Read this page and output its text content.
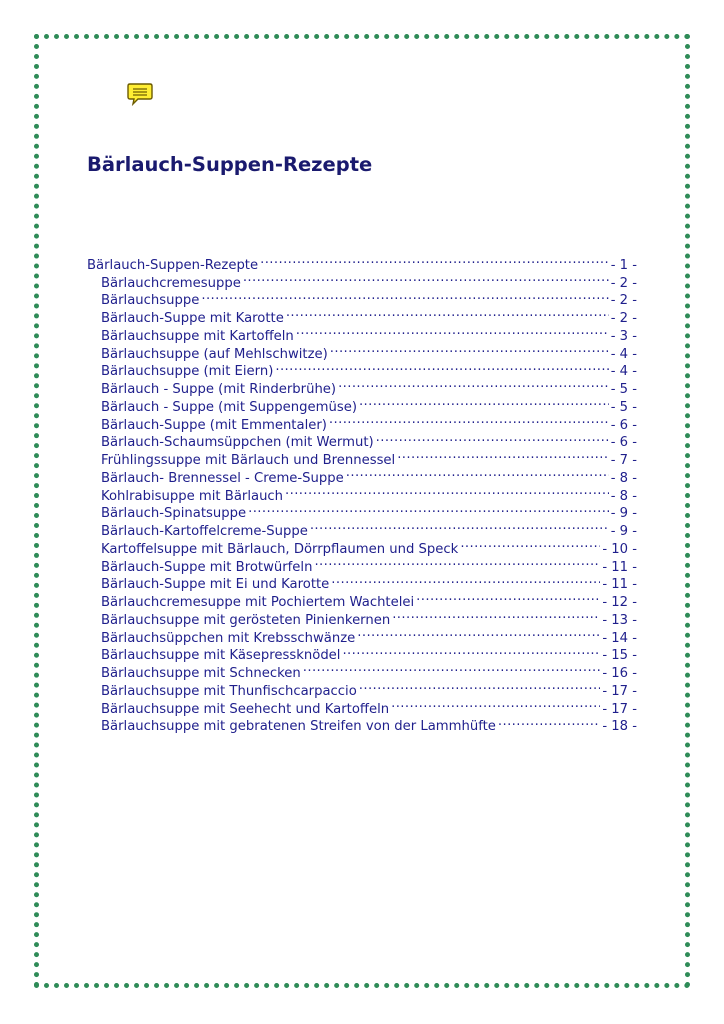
Bärlauch-Suppen-Rezepte
Bärlauch-Suppen-Rezepte .....	- 1 -
Bärlauchcremesuppe .....	- 2 -
Bärlauchsuppe .....	- 2 -
Bärlauch-Suppe mit Karotte .....	- 2 -
Bärlauchsuppe mit Kartoffeln .....	- 3 -
Bärlauchsuppe (auf Mehlschwitze) .....	- 4 -
Bärlauchsuppe (mit Eiern) .....	- 4 -
Bärlauch - Suppe (mit Rinderbrühe) .....	- 5 -
Bärlauch - Suppe (mit Suppengemüse) .....	- 5 -
Bärlauch-Suppe (mit Emmentaler) .....	- 6 -
Bärlauch-Schaumsüppchen (mit Wermut) .....	- 6 -
Frühlingssuppe mit Bärlauch und Brennessel .....	- 7 -
Bärlauch- Brennessel - Creme-Suppe .....	- 8 -
Kohlrabisuppe mit Bärlauch .....	- 8 -
Bärlauch-Spinatsuppe .....	- 9 -
Bärlauch-Kartoffelcreme-Suppe .....	- 9 -
Kartoffelsuppe mit Bärlauch, Dörrpflaumen und Speck .....	- 10 -
Bärlauch-Suppe mit Brotwürfeln .....	- 11 -
Bärlauch-Suppe mit Ei und Karotte .....	- 11 -
Bärlauchcremesuppe mit Pochiertem Wachtelei .....	- 12 -
Bärlauchsuppe mit gerösteten Pinienkernen .....	- 13 -
Bärlauchsüppchen mit Krebsschwänze .....	- 14 -
Bärlauchsuppe mit Käsepressknödel .....	- 15 -
Bärlauchsuppe mit Schnecken .....	- 16 -
Bärlauchsuppe mit Thunfischcarpaccio .....	- 17 -
Bärlauchsuppe mit Seehecht und Kartoffeln .....	- 17 -
Bärlauchsuppe mit gebratenen Streifen von der Lammhüfte .....	- 18 -
